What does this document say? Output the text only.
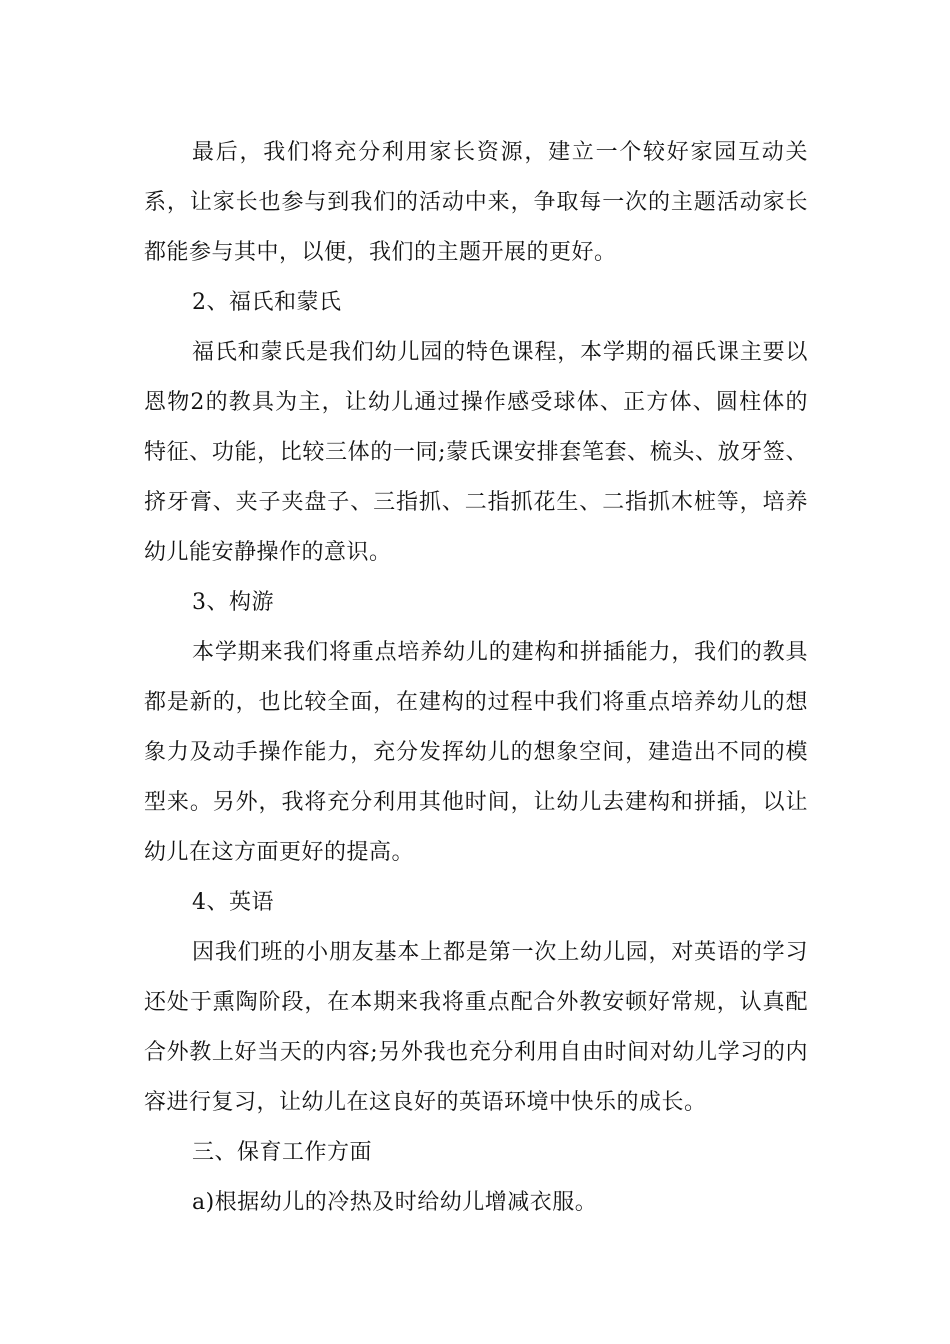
最后，我们将充分利用家长资源，建立一个较好家园互动关系，让家长也参与到我们的活动中来，争取每一次的主题活动家长都能参与其中，以便，我们的主题开展的更好。

2、福氏和蒙氏

福氏和蒙氏是我们幼儿园的特色课程，本学期的福氏课主要以恩物2的教具为主，让幼儿通过操作感受球体、正方体、圆柱体的特征、功能，比较三体的一同;蒙氏课安排套笔套、梳头、放牙签、挤牙膏、夹子夹盘子、三指抓、二指抓花生、二指抓木桩等，培养幼儿能安静操作的意识。

3、构游

本学期来我们将重点培养幼儿的建构和拼插能力，我们的教具都是新的，也比较全面，在建构的过程中我们将重点培养幼儿的想象力及动手操作能力，充分发挥幼儿的想象空间，建造出不同的模型来。另外，我将充分利用其他时间，让幼儿去建构和拼插，以让幼儿在这方面更好的提高。

4、英语

因我们班的小朋友基本上都是第一次上幼儿园，对英语的学习还处于熏陶阶段，在本期来我将重点配合外教安顿好常规，认真配合外教上好当天的内容;另外我也充分利用自由时间对幼儿学习的内容进行复习，让幼儿在这良好的英语环境中快乐的成长。

三、保育工作方面

a)根据幼儿的冷热及时给幼儿增减衣服。
